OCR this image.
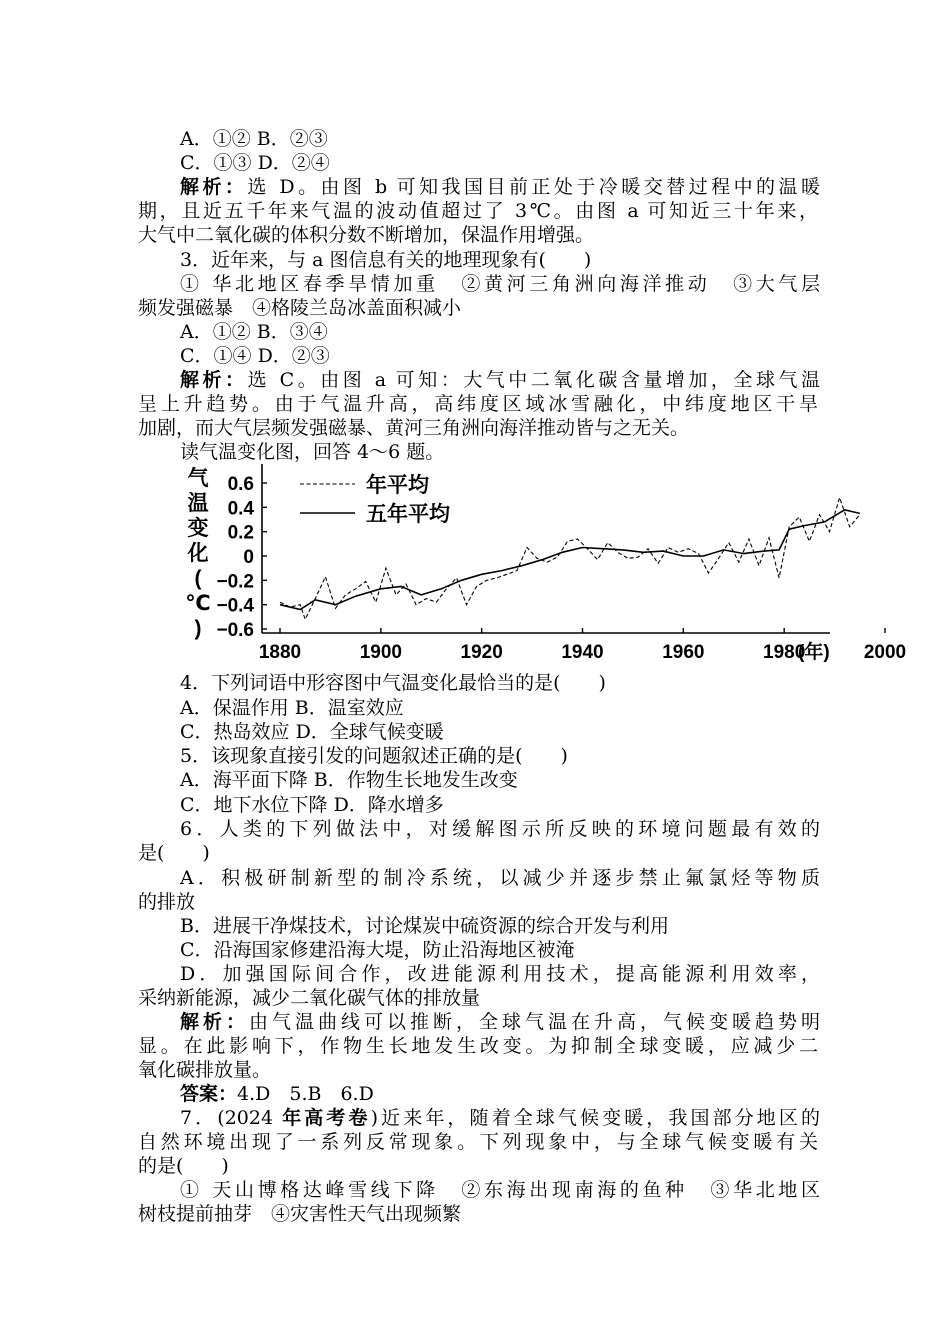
A．①② B．②③
C．①③ D．②④
解析：选 D。由图 b 可知我国目前正处于冷暖交替过程中的温暖
期，且近五千年来气温的波动值超过了 3℃。由图 a 可知近三十年来，
大气中二氧化碳的体积分数不断增加，保温作用增强。
3．近年来，与 a 图信息有关的地理现象有(　　)
① 华北地区春季旱情加重　②黄河三角洲向海洋推动　③大气层
频发强磁暴　④格陵兰岛冰盖面积减小
A．①② B．③④
C．①④ D．②③
解析：选 C。由图 a 可知：大气中二氧化碳含量增加，全球气温
呈上升趋势。由于气温升高，高纬度区域冰雪融化，中纬度地区干旱
加剧，而大气层频发强磁暴、黄河三角洲向海洋推动皆与之无关。
读气温变化图，回答 4～6 题。
0.6
0.4
0.2
0
−0.2
−0.4
−0.6
1880	1900	1920	1940	1960	1980	2000
(年)
气
温
变
化
(
℃
)
年平均
五年平均
4．下列词语中形容图中气温变化最恰当的是(　　)
A．保温作用 B．温室效应
C．热岛效应 D．全球气候变暖
5．该现象直接引发的问题叙述正确的是(　　)
A．海平面下降 B．作物生长地发生改变
C．地下水位下降 D．降水增多
6．人类的下列做法中，对缓解图示所反映的环境问题最有效的
是(　　)
A．积极研制新型的制冷系统，以减少并逐步禁止氟氯烃等物质
的排放
B．进展干净煤技术，讨论煤炭中硫资源的综合开发与利用
C．沿海国家修建沿海大堤，防止沿海地区被淹
D．加强国际间合作，改进能源利用技术，提高能源利用效率，
采纳新能源，减少二氧化碳气体的排放量
解析：由气温曲线可以推断，全球气温在升高，气候变暖趋势明
显。在此影响下，作物生长地发生改变。为抑制全球变暖，应减少二
氧化碳排放量。
答案：4.D　5.B　6.D
7．(2024 年高考卷)近来年，随着全球气候变暖，我国部分地区的
自然环境出现了一系列反常现象。下列现象中，与全球气候变暖有关
的是(　　)
① 天山博格达峰雪线下降　②东海出现南海的鱼种　③华北地区
树枝提前抽芽　④灾害性天气出现频繁
